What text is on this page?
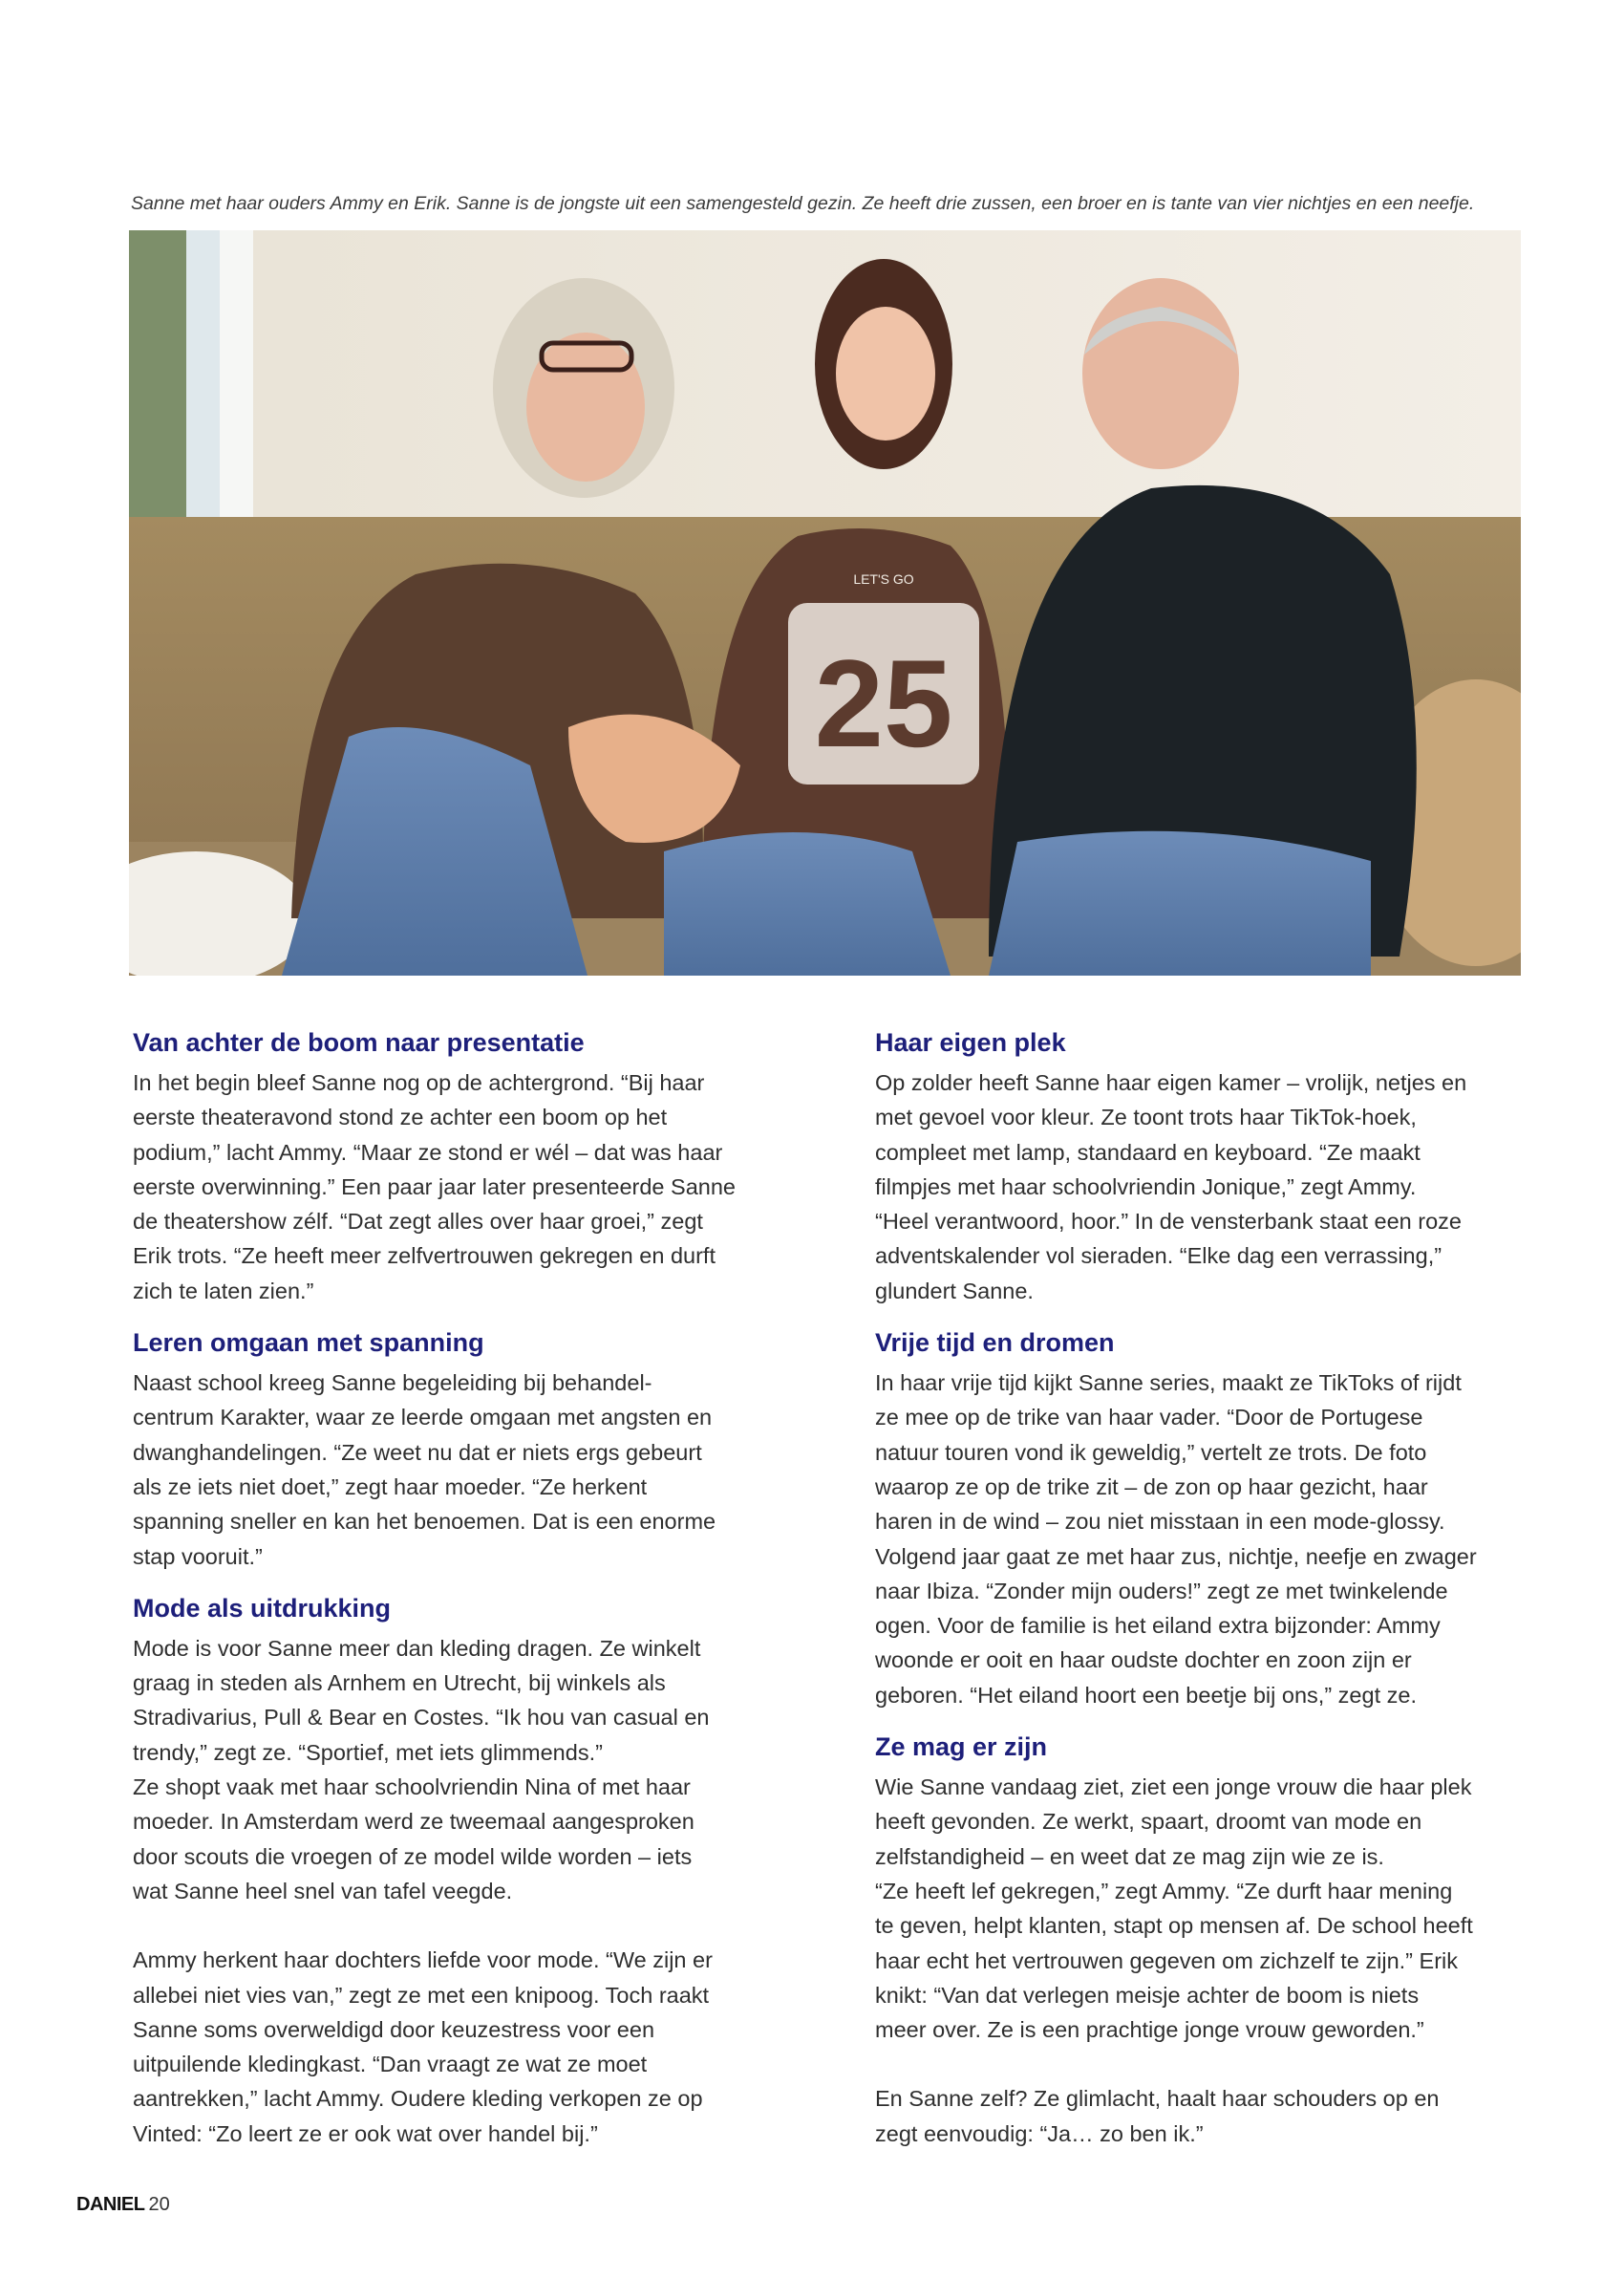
Sanne met haar ouders Ammy en Erik. Sanne is de jongste uit een samengesteld gezin. Ze heeft drie zussen, een broer en is tante van vier nichtjes en een neefje.
LET'S GO
25
Van achter de boom naar presentatie

In het begin bleef Sanne nog op de achtergrond. “Bij haar
eerste theateravond stond ze achter een boom op het
podium,” lacht Ammy. “Maar ze stond er wél – dat was haar
eerste overwinning.” Een paar jaar later presenteerde Sanne
de theatershow zélf. “Dat zegt alles over haar groei,” zegt
Erik trots. “Ze heeft meer zelfvertrouwen gekregen en durft
zich te laten zien.”

Leren omgaan met spanning

Naast school kreeg Sanne begeleiding bij behandel-
centrum Karakter, waar ze leerde omgaan met angsten en
dwanghandelingen. “Ze weet nu dat er niets ergs gebeurt
als ze iets niet doet,” zegt haar moeder. “Ze herkent
spanning sneller en kan het benoemen. Dat is een enorme
stap vooruit.”

Mode als uitdrukking

Mode is voor Sanne meer dan kleding dragen. Ze winkelt
graag in steden als Arnhem en Utrecht, bij winkels als
Stradivarius, Pull & Bear en Costes. “Ik hou van casual en
trendy,” zegt ze. “Sportief, met iets glimmends.”
Ze shopt vaak met haar schoolvriendin Nina of met haar
moeder. In Amsterdam werd ze tweemaal aangesproken
door scouts die vroegen of ze model wilde worden – iets
wat Sanne heel snel van tafel veegde.

Ammy herkent haar dochters liefde voor mode. “We zijn er
allebei niet vies van,” zegt ze met een knipoog. Toch raakt
Sanne soms overweldigd door keuzestress voor een
uitpuilende kledingkast. “Dan vraagt ze wat ze moet
aantrekken,” lacht Ammy. Oudere kleding verkopen ze op
Vinted: “Zo leert ze er ook wat over handel bij.”

Haar eigen plek

Op zolder heeft Sanne haar eigen kamer – vrolijk, netjes en
met gevoel voor kleur. Ze toont trots haar TikTok-hoek,
compleet met lamp, standaard en keyboard. “Ze maakt
filmpjes met haar schoolvriendin Jonique,” zegt Ammy.
“Heel verantwoord, hoor.” In de vensterbank staat een roze
adventskalender vol sieraden. “Elke dag een verrassing,”
glundert Sanne.

Vrije tijd en dromen

In haar vrije tijd kijkt Sanne series, maakt ze TikToks of rijdt
ze mee op de trike van haar vader. “Door de Portugese
natuur touren vond ik geweldig,” vertelt ze trots. De foto
waarop ze op de trike zit – de zon op haar gezicht, haar
haren in de wind – zou niet misstaan in een mode-glossy.
Volgend jaar gaat ze met haar zus, nichtje, neefje en zwager
naar Ibiza. “Zonder mijn ouders!” zegt ze met twinkelende
ogen. Voor de familie is het eiland extra bijzonder: Ammy
woonde er ooit en haar oudste dochter en zoon zijn er
geboren. “Het eiland hoort een beetje bij ons,” zegt ze.

Ze mag er zijn

Wie Sanne vandaag ziet, ziet een jonge vrouw die haar plek
heeft gevonden. Ze werkt, spaart, droomt van mode en
zelfstandigheid – en weet dat ze mag zijn wie ze is.
“Ze heeft lef gekregen,” zegt Ammy. “Ze durft haar mening
te geven, helpt klanten, stapt op mensen af. De school heeft
haar echt het vertrouwen gegeven om zichzelf te zijn.” Erik
knikt: “Van dat verlegen meisje achter de boom is niets
meer over. Ze is een prachtige jonge vrouw geworden.”

En Sanne zelf? Ze glimlacht, haalt haar schouders op en
zegt eenvoudig: “Ja… zo ben ik.”

DANIEL 20
